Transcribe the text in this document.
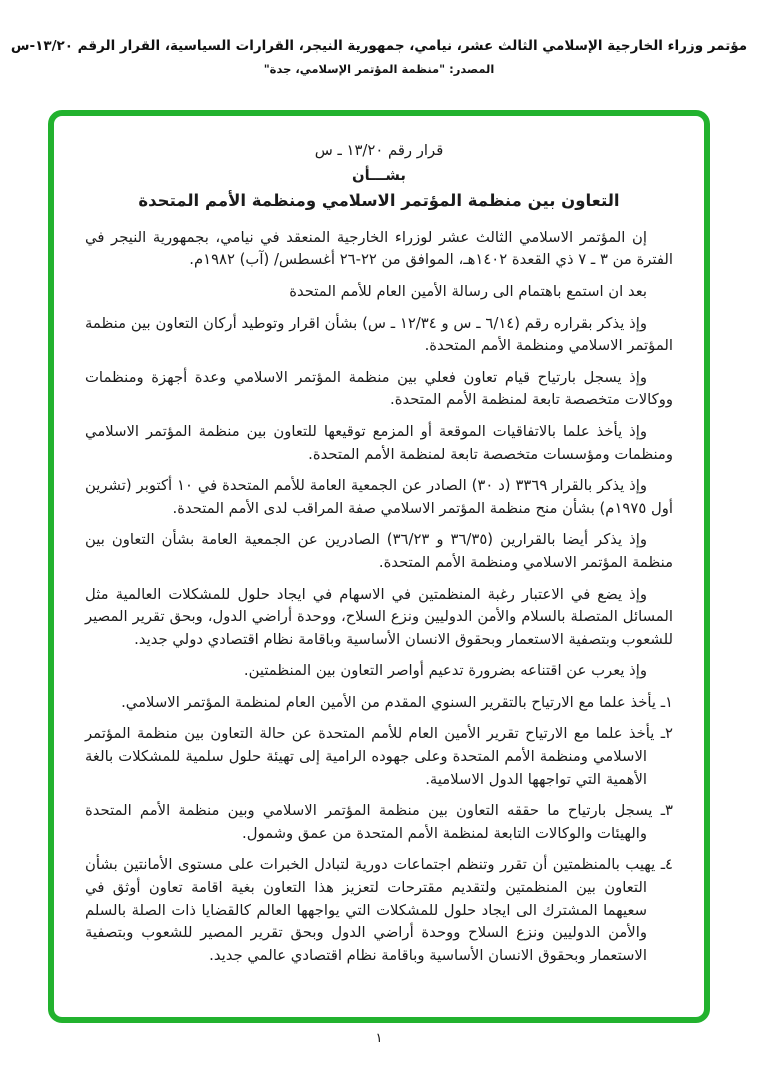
مؤتمر وزراء الخارجية الإسلامي الثالث عشر، نيامي، جمهورية النيجر، القرارات السياسية، القرار الرقم ١٣/٢٠-س
المصدر: "منظمة المؤتمر الإسلامي، جدة"
قرار رقم ١٣/٢٠ ـ س
بشـــأن
التعاون بين منظمة المؤتمر الاسلامي ومنظمة الأمم المتحدة

إن المؤتمر الاسلامي الثالث عشر لوزراء الخارجية المنعقد في نيامي، بجمهورية النيجر في الفترة من ٣ ـ ٧ ذي القعدة ١٤٠٢هـ، الموافق من ٢٢-٢٦ أغسطس/ (آب) ١٩٨٢م.

بعد ان استمع باهتمام الى رسالة الأمين العام للأمم المتحدة

وإذ يذكر بقراره رقم (٦/١٤ ـ س و ١٢/٣٤ ـ س) بشأن اقرار وتوطيد أركان التعاون بين منظمة المؤتمر الاسلامي ومنظمة الأمم المتحدة.

وإذ يسجل بارتياح قيام تعاون فعلي بين منظمة المؤتمر الاسلامي وعدة أجهزة ومنظمات ووكالات متخصصة تابعة لمنظمة الأمم المتحدة.

وإذ يأخذ علما بالاتفاقيات الموقعة أو المزمع توقيعها للتعاون بين منظمة المؤتمر الاسلامي ومنظمات ومؤسسات متخصصة تابعة لمنظمة الأمم المتحدة.

وإذ يذكر بالقرار ٣٣٦٩ (د ٣٠) الصادر عن الجمعية العامة للأمم المتحدة في ١٠ أكتوبر (تشرين أول ١٩٧٥م) بشأن منح منظمة المؤتمر الاسلامي صفة المراقب لدى الأمم المتحدة.

وإذ يذكر أيضا بالقرارين (٣٦/٣٥ و ٣٦/٢٣) الصادرين عن الجمعية العامة بشأن التعاون بين منظمة المؤتمر الاسلامي ومنظمة الأمم المتحدة.

وإذ يضع في الاعتبار رغبة المنظمتين في الاسهام في ايجاد حلول للمشكلات العالمية مثل المسائل المتصلة بالسلام والأمن الدوليين ونزع السلاح، ووحدة أراضي الدول، وبحق تقرير المصير للشعوب وبتصفية الاستعمار وبحقوق الانسان الأساسية وباقامة نظام اقتصادي دولي جديد.

وإذ يعرب عن اقتناعه بضرورة تدعيم أواصر التعاون بين المنظمتين.

١ـ يأخذ علما مع الارتياح بالتقرير السنوي المقدم من الأمين العام لمنظمة المؤتمر الاسلامي.
٢ـ يأخذ علما مع الارتياح تقرير الأمين العام للأمم المتحدة عن حالة التعاون بين منظمة المؤتمر الاسلامي ومنظمة الأمم المتحدة وعلى جهوده الرامية إلى تهيئة حلول سلمية للمشكلات بالغة الأهمية التي تواجهها الدول الاسلامية.
٣ـ يسجل بارتياح ما حققه التعاون بين منظمة المؤتمر الاسلامي وبين منظمة الأمم المتحدة والهيئات والوكالات التابعة لمنظمة الأمم المتحدة من عمق وشمول.
٤ـ يهيب بالمنظمتين أن تقرر وتنظم اجتماعات دورية لتبادل الخبرات على مستوى الأمانتين بشأن التعاون بين المنظمتين ولتقديم مقترحات لتعزيز هذا التعاون بغية اقامة تعاون أوثق في سعيهما المشترك الى ايجاد حلول للمشكلات التي يواجهها العالم كالقضايا ذات الصلة بالسلم والأمن الدوليين ونزع السلاح ووحدة أراضي الدول وبحق تقرير المصير للشعوب وبتصفية الاستعمار وبحقوق الانسان الأساسية وباقامة نظام اقتصادي عالمي جديد.
١
